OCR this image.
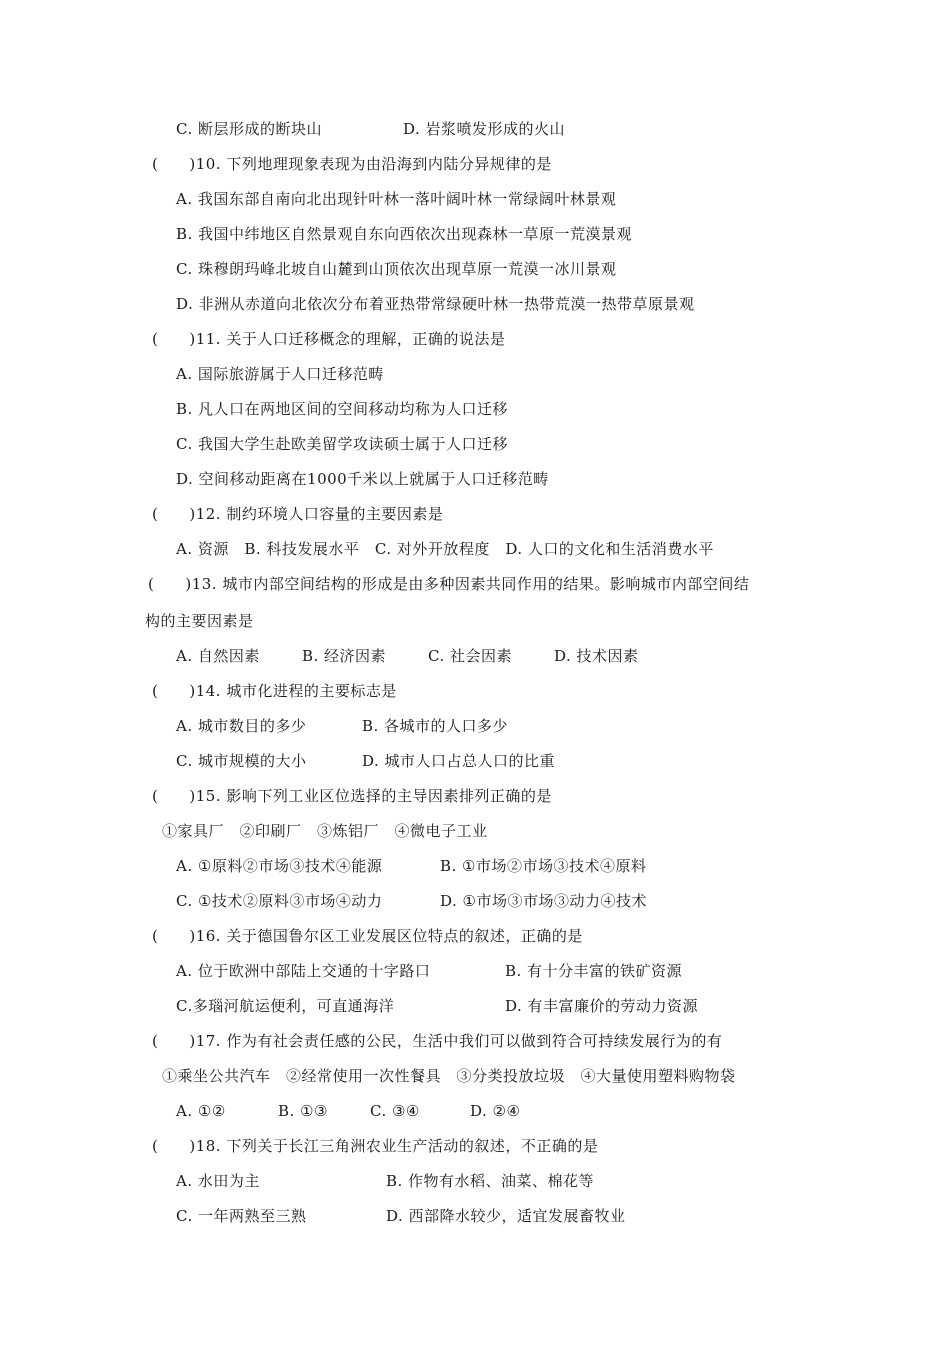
C. 断层形成的断块山	D. 岩浆喷发形成的火山
(　　)10. 下列地理现象表现为由沿海到内陆分异规律的是
A. 我国东部自南向北出现针叶林一落叶阔叶林一常绿阔叶林景观
B. 我国中纬地区自然景观自东向西依次出现森林一草原一荒漠景观
C. 珠穆朗玛峰北坡自山麓到山顶依次出现草原一荒漠一冰川景观
D. 非洲从赤道向北依次分布着亚热带常绿硬叶林一热带荒漠一热带草原景观
(　　)11. 关于人口迁移概念的理解，正确的说法是
A. 国际旅游属于人口迁移范畴
B. 凡人口在两地区间的空间移动均称为人口迁移
C. 我国大学生赴欧美留学攻读硕士属于人口迁移
D. 空间移动距离在1000千米以上就属于人口迁移范畴
(　　)12. 制约环境人口容量的主要因素是
A. 资源　B. 科技发展水平　C. 对外开放程度　D. 人口的文化和生活消费水平
(　　)13. 城市内部空间结构的形成是由多种因素共同作用的结果。影响城市内部空间结
构的主要因素是
A. 自然因素	B. 经济因素	C. 社会因素	D. 技术因素
(　　)14. 城市化进程的主要标志是
A. 城市数目的多少	B. 各城市的人口多少
C. 城市规模的大小	D. 城市人口占总人口的比重
(　　)15. 影响下列工业区位选择的主导因素排列正确的是
①家具厂　②印刷厂　③炼铝厂　④微电子工业
A. ①原料②市场③技术④能源	B. ①市场②市场③技术④原料
C. ①技术②原料③市场④动力	D. ①市场③市场③动力④技术
(　　)16. 关于德国鲁尔区工业发展区位特点的叙述，正确的是
A. 位于欧洲中部陆上交通的十字路口	B. 有十分丰富的铁矿资源
C.多瑙河航运便利，可直通海洋	D. 有丰富廉价的劳动力资源
(　　)17. 作为有社会责任感的公民，生活中我们可以做到符合可持续发展行为的有
①乘坐公共汽车　②经常使用一次性餐具　③分类投放垃圾　④大量使用塑料购物袋
A. ①②	B. ①③	C. ③④	D. ②④
(　　)18. 下列关于长江三角洲农业生产活动的叙述，不正确的是
A. 水田为主	B. 作物有水稻、油菜、棉花等
C. 一年两熟至三熟	D. 西部降水较少，适宜发展畜牧业
